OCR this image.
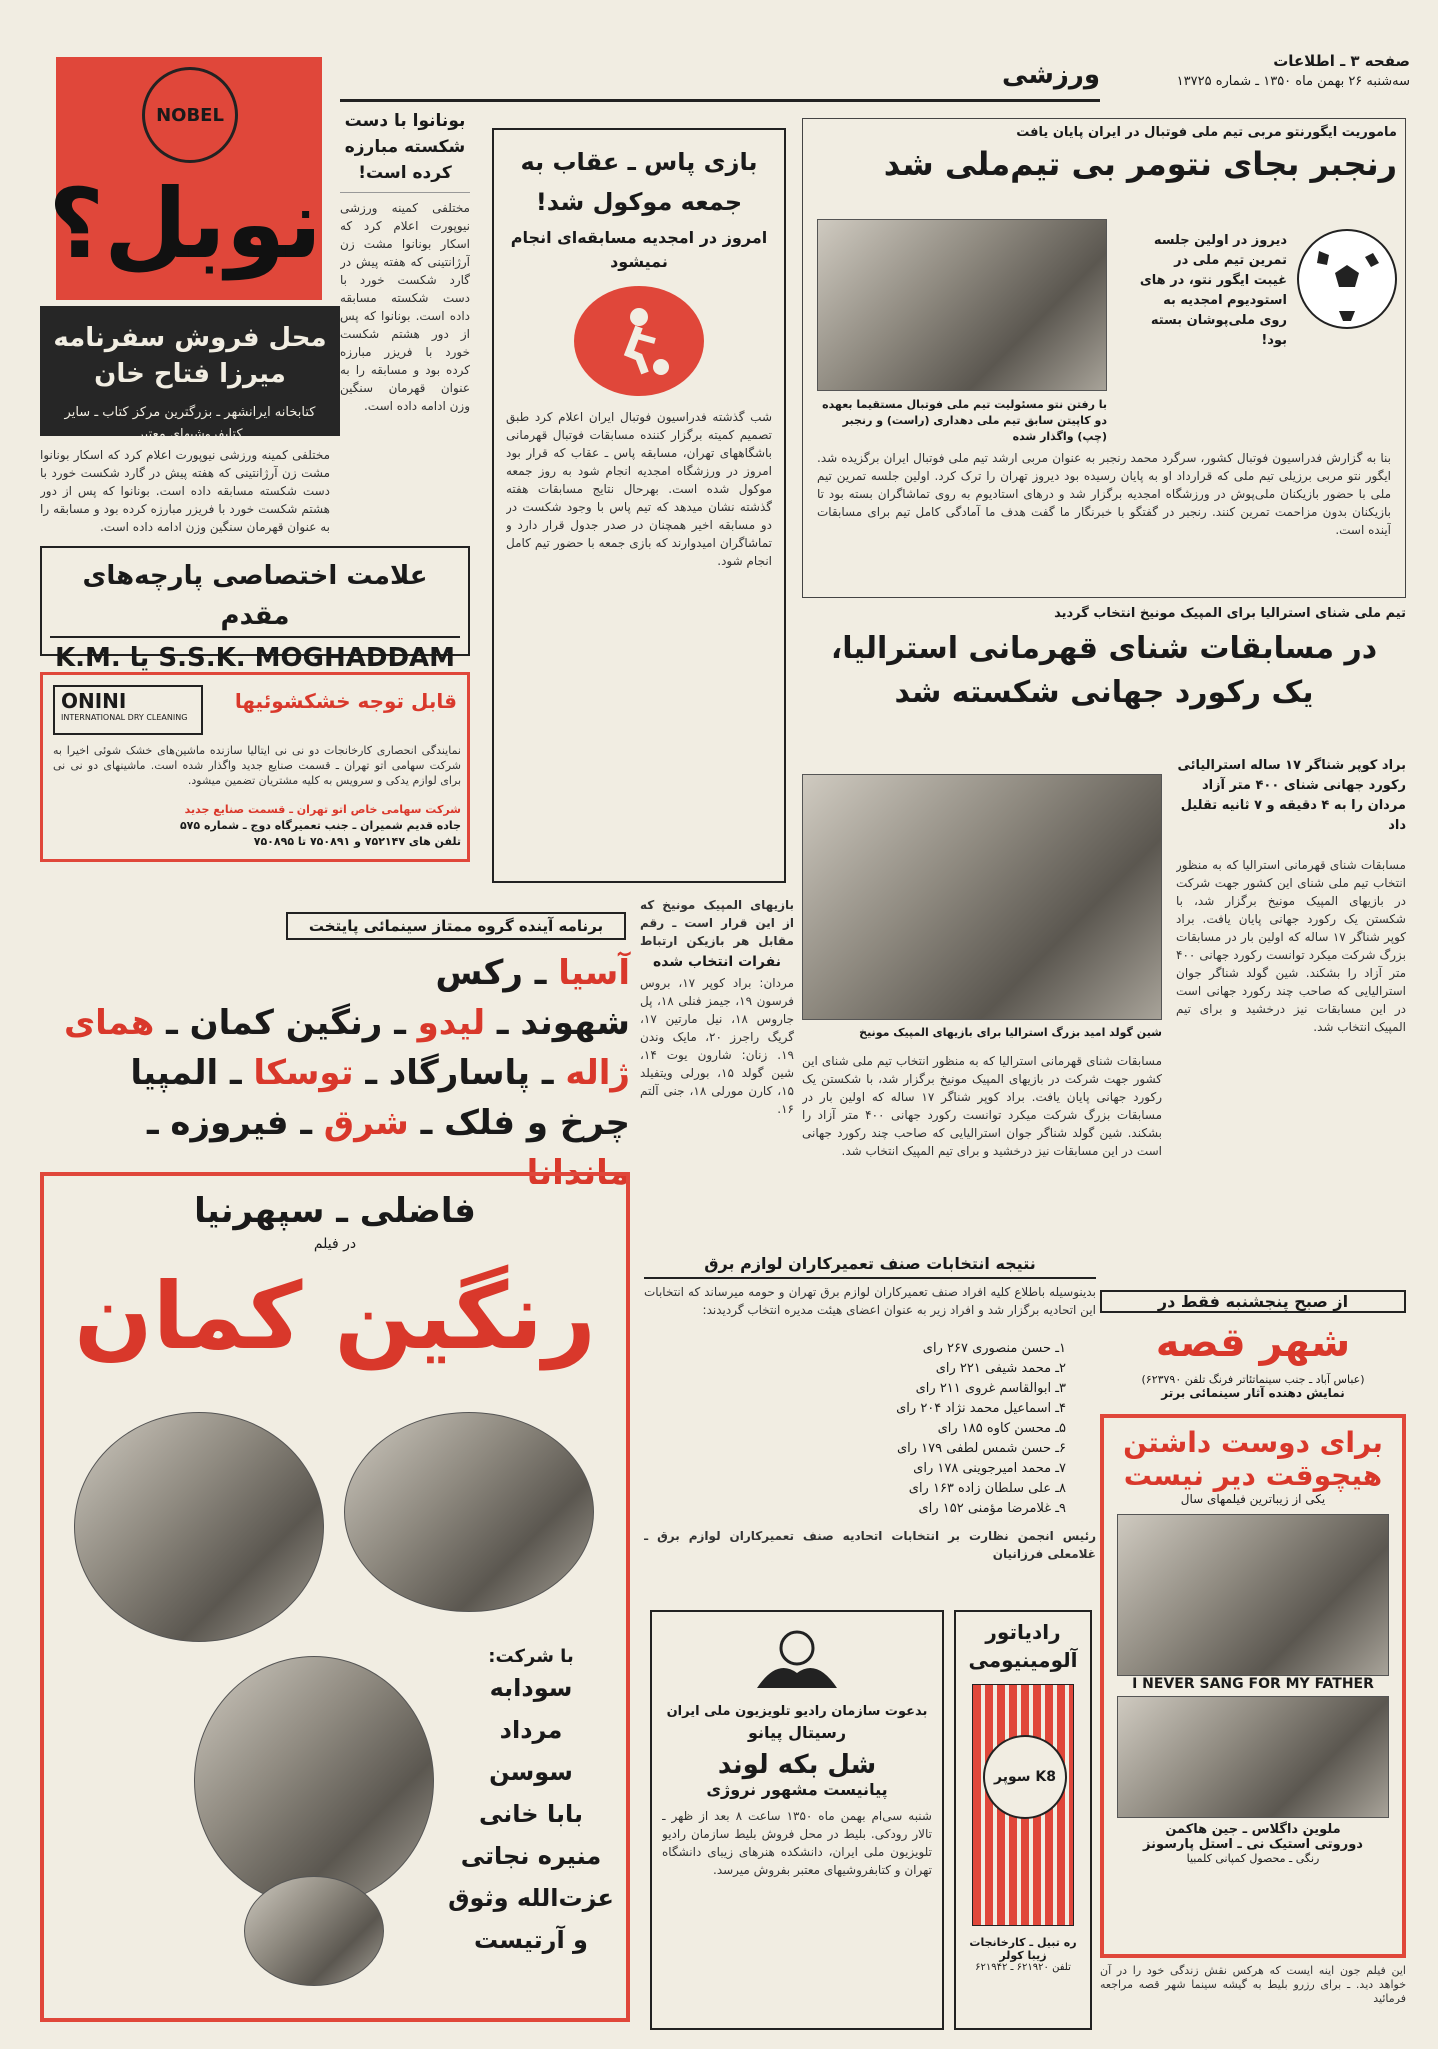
صفحه ۳ ـ اطلاعات
سه‌شنبه ۲۶ بهمن ماه ۱۳۵۰ ـ شماره ۱۳۷۲۵
ورزشی
NOBEL
نوبل؟
محل فروش سفرنامه میرزا فتاح خان
کتابخانه ایرانشهر ـ بزرگترین مرکز کتاب ـ سایر کتابفروشیهای معتبر
بونانوا با دست شکسته مبارزه کرده است!
مختلفی کمینه ورزشی نیوپورت اعلام کرد که اسکار بونانوا مشت زن آرژانتینی که هفته پیش در گارد شکست خورد با دست شکسته مسابقه داده است. بونانوا که پس از دور هشتم شکست خورد با فریزر مبارزه کرده بود و مسابقه را به عنوان قهرمان سنگین وزن ادامه داده است.
مختلفی کمینه ورزشی نیوپورت اعلام کرد که اسکار بونانوا مشت زن آرژانتینی که هفته پیش در گارد شکست خورد با دست شکسته مسابقه داده است. بونانوا که پس از دور هشتم شکست خورد با فریزر مبارزه کرده بود و مسابقه را به عنوان قهرمان سنگین وزن ادامه داده است.
بازی پاس ـ عقاب به جمعه موکول شد!
امروز در امجدیه مسابقه‌ای انجام نمیشود
شب گذشته فدراسیون فوتبال ایران اعلام کرد طبق تصمیم کمیته برگزار کننده مسابقات فوتبال قهرمانی باشگاههای تهران، مسابقه پاس ـ عقاب که قرار بود امروز در ورزشگاه امجدیه انجام شود به روز جمعه موکول شده است. بهرحال نتایج مسابقات هفته گذشته نشان میدهد که تیم پاس با وجود شکست در دو مسابقه اخیر همچنان در صدر جدول قرار دارد و تماشاگران امیدوارند که بازی جمعه با حضور تیم کامل انجام شود.
ماموریت ایگورنتو مربی تیم ملی فوتبال در ایران پایان یافت
رنجبر بجای نتومر بی تیم‌ملی شد
دیروز در اولین جلسه تمرین تیم ملی در غیبت ایگور نتو، در های استودیوم امجدیه به روی ملی‌پوشان بسته بود!
با رفتن نتو مسئولیت تیم ملی فوتبال مستقیما بعهده دو کاپیتن سابق تیم ملی دهداری (راست) و رنجبر (چپ) واگذار شده
بنا به گزارش فدراسیون فوتبال کشور، سرگرد محمد رنجبر به عنوان مربی ارشد تیم ملی فوتبال ایران برگزیده شد. ایگور نتو مربی برزیلی تیم ملی که قرارداد او به پایان رسیده بود دیروز تهران را ترک کرد. اولین جلسه تمرین تیم ملی با حضور بازیکنان ملی‌پوش در ورزشگاه امجدیه برگزار شد و درهای استادیوم به روی تماشاگران بسته بود تا بازیکنان بدون مزاحمت تمرین کنند. رنجبر در گفتگو با خبرنگار ما گفت هدف ما آمادگی کامل تیم برای مسابقات آینده است.
علامت اختصاصی پارچه‌های مقدم
K.M. یا S.S.K. MOGHADDAM
ONINI
INTERNATIONAL DRY CLEANING
قابل توجه خشکشوئیها
نمایندگی انحصاری کارخانجات دو نی نی ایتالیا سازنده ماشین‌های خشک شوئی اخیرا به شرکت سهامی اتو تهران ـ قسمت صنایع جدید واگذار شده است. ماشینهای دو نی نی برای لوازم یدکی و سرویس به کلیه مشتریان تضمین میشود.
شرکت سهامی خاص اتو تهران ـ قسمت صنایع جدید
جاده قدیم شمیران ـ جنب تعمیرگاه دوج ـ شماره ۵۷۵
تلفن های ۷۵۲۱۴۷ و ۷۵۰۸۹۱ تا ۷۵۰۸۹۵
برنامه آینده گروه ممتاز سینمائی پایتخت
آسیا ـ رکس
شهوند ـ لیدو ـ رنگین کمان ـ همای
ژاله ـ پاسارگاد ـ توسکا ـ المپیا
چرخ و فلک ـ شرق ـ فیروزه ـ ماندانا
فاضلی ـ سپهرنیا
در فیلم
رنگین کمان
با شرکت:
سودابه
مرداد
سوسن
بابا خانی
منیره نجاتی
عزت‌الله وثوق
و آرتیست
تیم ملی شنای استرالیا برای المپیک مونیخ انتخاب گردید
در مسابقات شنای قهرمانی استرالیا،
یک رکورد جهانی شکسته شد
شین گولد امید بزرگ استرالیا برای بازیهای المپیک مونیخ
براد کوپر شناگر ۱۷ ساله استرالیائی رکورد جهانی شنای ۴۰۰ متر آزاد مردان را به ۴ دقیقه و ۷ ثانیه تقلیل داد
مسابقات شنای قهرمانی استرالیا که به منظور انتخاب تیم ملی شنای این کشور جهت شرکت در بازیهای المپیک مونیخ برگزار شد، با شکستن یک رکورد جهانی پایان یافت. براد کوپر شناگر ۱۷ ساله که اولین بار در مسابقات بزرگ شرکت میکرد توانست رکورد جهانی ۴۰۰ متر آزاد را بشکند. شین گولد شناگر جوان استرالیایی که صاحب چند رکورد جهانی است در این مسابقات نیز درخشید و برای تیم المپیک انتخاب شد.
مسابقات شنای قهرمانی استرالیا که به منظور انتخاب تیم ملی شنای این کشور جهت شرکت در بازیهای المپیک مونیخ برگزار شد، با شکستن یک رکورد جهانی پایان یافت. براد کوپر شناگر ۱۷ ساله که اولین بار در مسابقات بزرگ شرکت میکرد توانست رکورد جهانی ۴۰۰ متر آزاد را بشکند. شین گولد شناگر جوان استرالیایی که صاحب چند رکورد جهانی است در این مسابقات نیز درخشید و برای تیم المپیک انتخاب شد.
بازیهای المپیک مونیخ که از این قرار است ـ رقم مقابل هر بازیکن ارتباط
نفرات انتخاب شده
مردان: براد کوپر ۱۷، بروس فرسون ۱۹، جیمز فنلی ۱۸، پل جاروس ۱۸، نیل مارتین ۱۷، گریگ راجرز ۲۰، مایک وندن ۱۹. زنان: شارون یوت ۱۴، شین گولد ۱۵، بورلی ویتفیلد ۱۵، کارن مورلی ۱۸، جنی آلتم ۱۶.
نتیجه انتخابات صنف تعمیرکاران لوازم برق
بدینوسیله باطلاع کلیه افراد صنف تعمیرکاران لوازم برق تهران و حومه میرساند که انتخابات این اتحادیه برگزار شد و افراد زیر به عنوان اعضای هیئت مدیره انتخاب گردیدند:
۱ـ حسن منصوری ۲۶۷ رای
۲ـ محمد شیفی ۲۲۱ رای
۳ـ ابوالقاسم غروی ۲۱۱ رای
۴ـ اسماعیل محمد نژاد ۲۰۴ رای
۵ـ محسن کاوه ۱۸۵ رای
۶ـ حسن شمس لطفی ۱۷۹ رای
۷ـ محمد امیرجوینی ۱۷۸ رای
۸ـ علی سلطان زاده ۱۶۳ رای
۹ـ غلامرضا مؤمنی ۱۵۲ رای
رئیس انجمن نظارت بر انتخابات اتحادیه صنف تعمیرکاران لوازم برق ـ غلامعلی فرزانیان
بدعوت سازمان رادیو تلویزیون ملی ایران
رسیتال پیانو
شل بکه لوند
پیانیست مشهور نروژی
شنبه سی‌ام بهمن ماه ۱۳۵۰ ساعت ۸ بعد از ظهر ـ تالار رودکی. بلیط در محل فروش بلیط سازمان رادیو تلویزیون ملی ایران، دانشکده هنرهای زیبای دانشگاه تهران و کتابفروشیهای معتبر بفروش میرسد.
رادیاتور آلومینیومی
K8 سوپر
ره تبیل ـ کارخانجات زیبا کولر
تلفن ۶۲۱۹۲۰ ـ ۶۲۱۹۴۲
از صبح پنجشنبه فقط در
شهر قصه
(عباس آباد ـ جنب سینماتئاتر فرنگ تلفن ۶۲۳۷۹۰)
نمایش دهنده آثار سینمائی برتر
برای دوست داشتن
هیچوقت دیر نیست
یکی از زیباترین فیلمهای سال
I NEVER SANG FOR MY FATHER
ملوین داگلاس ـ جین هاکمن
دوروتی استیک نی ـ استل پارسونز
رنگی ـ محصول کمپانی کلمبیا
این فیلم جون اینه ایست که هرکس نقش زندگی خود را در آن خواهد دید. ـ برای رزرو بلیط به گیشه سینما شهر قصه مراجعه فرمائید
